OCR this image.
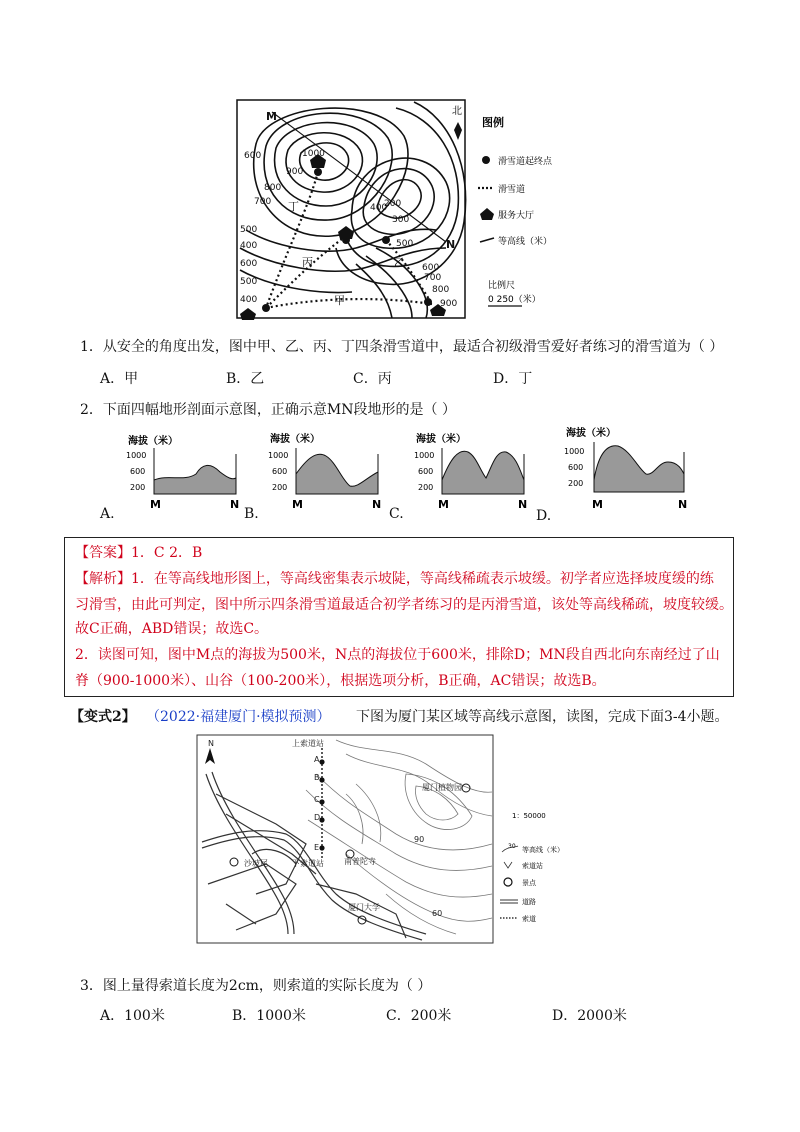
M
N
甲
乙
丙
丁
1000
900
800
700
600
500
400
600
500
400
200
300
400
500
600
700
800
900
北
图例
滑雪道起终点
滑雪道
服务大厅
等高线（米）
比例尺
0 250（米）
1．从安全的角度出发，图中甲、乙、丙、丁四条滑雪道中，最适合初级滑雪爱好者练习的滑雪道为（ ）
A．甲	B．乙	C．丙	D．丁
2．下面四幅地形剖面示意图，正确示意MN段地形的是（ ）
海拔（米）
1000
600
200
M	N
A.
海拔（米）
1000
600
200
M	N
B.
海拔（米）
1000
600
200
M	N
C.
海拔（米）
1000
600
200
M	N
D.
【答案】1．C 2．B
【解析】1．在等高线地形图上，等高线密集表示坡陡，等高线稀疏表示坡缓。初学者应选择坡度缓的练
习滑雪，由此可判定，图中所示四条滑雪道最适合初学者练习的是丙滑雪道，该处等高线稀疏，坡度较缓。
故C正确，ABD错误；故选C。
2．读图可知，图中M点的海拔为500米，N点的海拔位于600米，排除D；MN段自西北向东南经过了山
脊（900-1000米）、山谷（100-200米），根据选项分析，B正确，AC错误；故选B。
【变式2】 （2022·福建厦门·模拟预测） 下图为厦门某区域等高线示意图，读图，完成下面3-4小题。
A
B
C
D
E
上索道站
下索道站
厦门植物园
沙坡尾	南普陀寺
厦门大学
90
60
N
1：50000
30 等高线（米）
索道站
景点
道路
索道
3．图上量得索道长度为2cm，则索道的实际长度为（ ）
A．100米	B．1000米	C．200米	D．2000米
